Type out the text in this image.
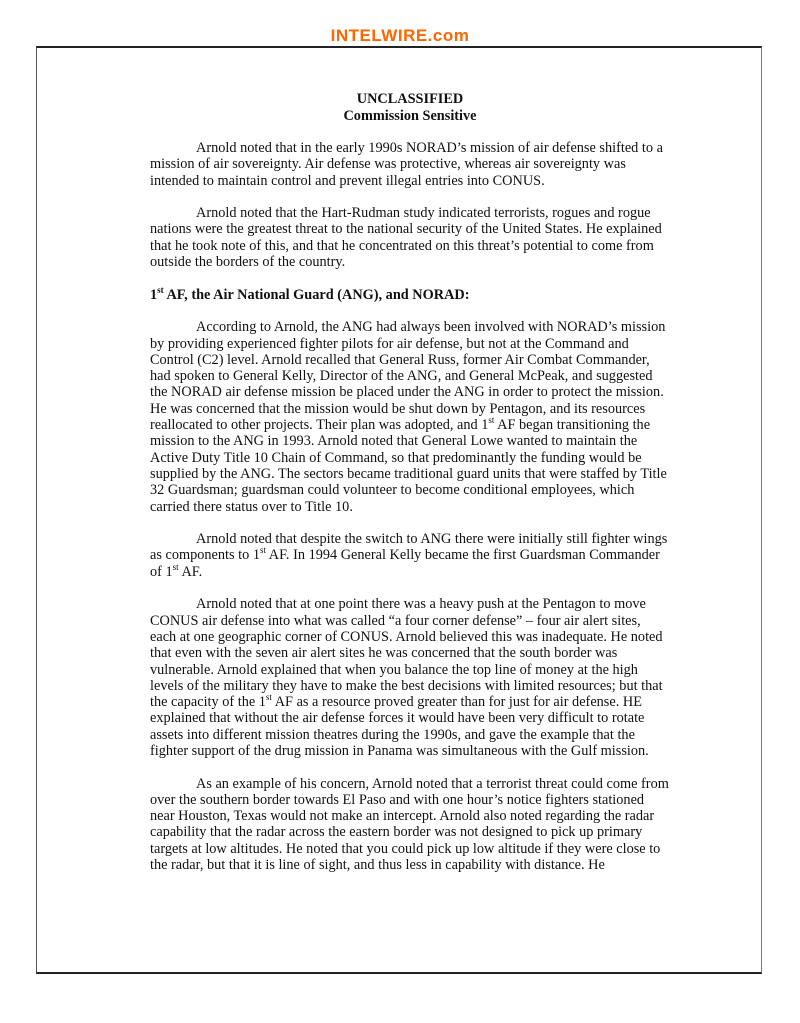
INTELWIRE.com
UNCLASSIFIED
Commission Sensitive

Arnold noted that in the early 1990s NORAD’s mission of air defense shifted to a mission of air sovereignty. Air defense was protective, whereas air sovereignty was intended to maintain control and prevent illegal entries into CONUS.

Arnold noted that the Hart-Rudman study indicated terrorists, rogues and rogue nations were the greatest threat to the national security of the United States. He explained that he took note of this, and that he concentrated on this threat’s potential to come from outside the borders of the country.

1st AF, the Air National Guard (ANG), and NORAD:

According to Arnold, the ANG had always been involved with NORAD’s mission by providing experienced fighter pilots for air defense, but not at the Command and Control (C2) level. Arnold recalled that General Russ, former Air Combat Commander, had spoken to General Kelly, Director of the ANG, and General McPeak, and suggested the NORAD air defense mission be placed under the ANG in order to protect the mission. He was concerned that the mission would be shut down by Pentagon, and its resources reallocated to other projects. Their plan was adopted, and 1st AF began transitioning the mission to the ANG in 1993. Arnold noted that General Lowe wanted to maintain the Active Duty Title 10 Chain of Command, so that predominantly the funding would be supplied by the ANG. The sectors became traditional guard units that were staffed by Title 32 Guardsman; guardsman could volunteer to become conditional employees, which carried there status over to Title 10.

Arnold noted that despite the switch to ANG there were initially still fighter wings as components to 1st AF. In 1994 General Kelly became the first Guardsman Commander of 1st AF.

Arnold noted that at one point there was a heavy push at the Pentagon to move CONUS air defense into what was called “a four corner defense” – four air alert sites, each at one geographic corner of CONUS. Arnold believed this was inadequate. He noted that even with the seven air alert sites he was concerned that the south border was vulnerable. Arnold explained that when you balance the top line of money at the high levels of the military they have to make the best decisions with limited resources; but that the capacity of the 1st AF as a resource proved greater than for just for air defense. HE explained that without the air defense forces it would have been very difficult to rotate assets into different mission theatres during the 1990s, and gave the example that the fighter support of the drug mission in Panama was simultaneous with the Gulf mission.

As an example of his concern, Arnold noted that a terrorist threat could come from over the southern border towards El Paso and with one hour’s notice fighters stationed near Houston, Texas would not make an intercept. Arnold also noted regarding the radar capability that the radar across the eastern border was not designed to pick up primary targets at low altitudes. He noted that you could pick up low altitude if they were close to the radar, but that it is line of sight, and thus less in capability with distance. He
